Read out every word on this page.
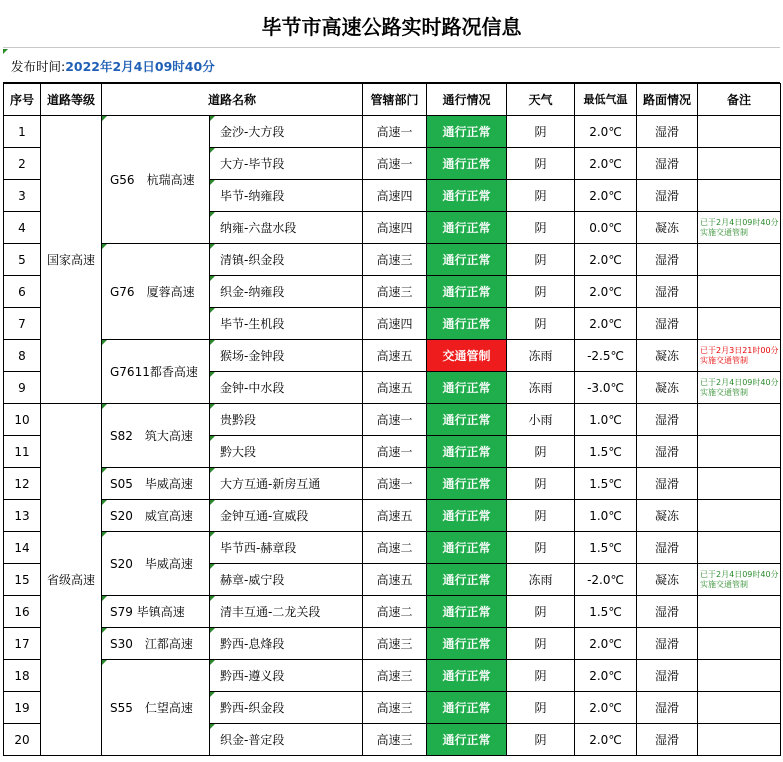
毕节市高速公路实时路况信息
发布时间: 2022年2月4日09时40分
序号	道路等级	道路名称		管辖部门	通行情况	天气	最低气温	路面情况	备注
1	国家高速	G56　杭瑞高速	金沙-大方段	高速一	通行正常	阴	2.0℃	湿滑	
2			大方-毕节段	高速一	通行正常	阴	2.0℃	湿滑	
3			毕节-纳雍段	高速四	通行正常	阴	2.0℃	湿滑	
4			纳雍-六盘水段	高速四	通行正常	阴	0.0℃	凝冻	已于2月4日09时40分实施交通管制
5		G76　厦蓉高速	清镇-织金段	高速三	通行正常	阴	2.0℃	湿滑	
6			织金-纳雍段	高速三	通行正常	阴	2.0℃	湿滑	
7			毕节-生机段	高速四	通行正常	阴	2.0℃	湿滑	
8		G7611都香高速	猴场-金钟段	高速五	交通管制	冻雨	-2.5℃	凝冻	已于2月3日21时00分实施交通管制
9			金钟-中水段	高速五	通行正常	冻雨	-3.0℃	凝冻	已于2月4日09时40分实施交通管制
10	省级高速	S82　筑大高速	贵黔段	高速一	通行正常	小雨	1.0℃	湿滑	
11			黔大段	高速一	通行正常	阴	1.5℃	湿滑	
12		S05　毕威高速	大方互通-新房互通	高速一	通行正常	阴	1.5℃	湿滑	
13		S20　威宣高速	金钟互通-宣威段	高速五	通行正常	阴	1.0℃	凝冻	
14		S20　毕威高速	毕节西-赫章段	高速二	通行正常	阴	1.5℃	湿滑	
15			赫章-威宁段	高速五	通行正常	冻雨	-2.0℃	凝冻	已于2月4日09时40分实施交通管制
16		S79 毕镇高速	清丰互通-二龙关段	高速二	通行正常	阴	1.5℃	湿滑	
17		S30　江都高速	黔西-息烽段	高速三	通行正常	阴	2.0℃	湿滑	
18		S55　仁望高速	黔西-遵义段	高速三	通行正常	阴	2.0℃	湿滑	
19			黔西-织金段	高速三	通行正常	阴	2.0℃	湿滑	
20			织金-普定段	高速三	通行正常	阴	2.0℃	湿滑	
